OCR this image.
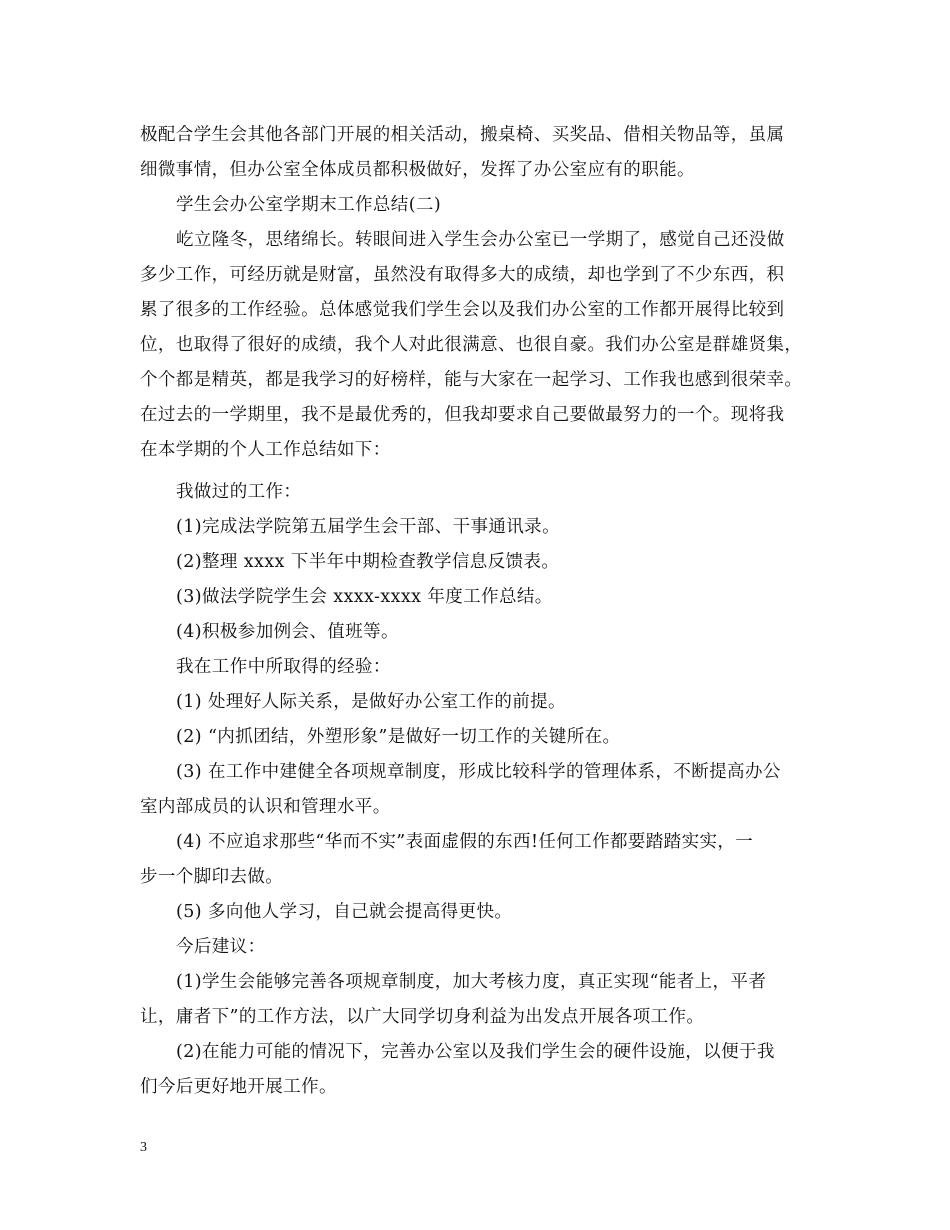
极配合学生会其他各部门开展的相关活动，搬桌椅、买奖品、借相关物品等，虽属
细微事情，但办公室全体成员都积极做好，发挥了办公室应有的职能。
学生会办公室学期末工作总结(二)
屹立隆冬，思绪绵长。转眼间进入学生会办公室已一学期了，感觉自己还没做
多少工作，可经历就是财富，虽然没有取得多大的成绩，却也学到了不少东西，积
累了很多的工作经验。总体感觉我们学生会以及我们办公室的工作都开展得比较到
位，也取得了很好的成绩，我个人对此很满意、也很自豪。我们办公室是群雄贤集，
个个都是精英，都是我学习的好榜样，能与大家在一起学习、工作我也感到很荣幸。
在过去的一学期里，我不是最优秀的，但我却要求自己要做最努力的一个。现将我
在本学期的个人工作总结如下：
我做过的工作：
(1)完成法学院第五届学生会干部、干事通讯录。
(2)整理 xxxx 下半年中期检查教学信息反馈表。
(3)做法学院学生会 xxxx-xxxx 年度工作总结。
(4)积极参加例会、值班等。
我在工作中所取得的经验：
(1) 处理好人际关系，是做好办公室工作的前提。
(2) “内抓团结，外塑形象”是做好一切工作的关键所在。
(3) 在工作中建健全各项规章制度，形成比较科学的管理体系，不断提高办公
室内部成员的认识和管理水平。
(4) 不应追求那些“华而不实”表面虚假的东西!任何工作都要踏踏实实，一
步一个脚印去做。
(5) 多向他人学习，自己就会提高得更快。
今后建议：
(1)学生会能够完善各项规章制度，加大考核力度，真正实现“能者上，平者
让，庸者下”的工作方法，以广大同学切身利益为出发点开展各项工作。
(2)在能力可能的情况下，完善办公室以及我们学生会的硬件设施，以便于我
们今后更好地开展工作。
3
